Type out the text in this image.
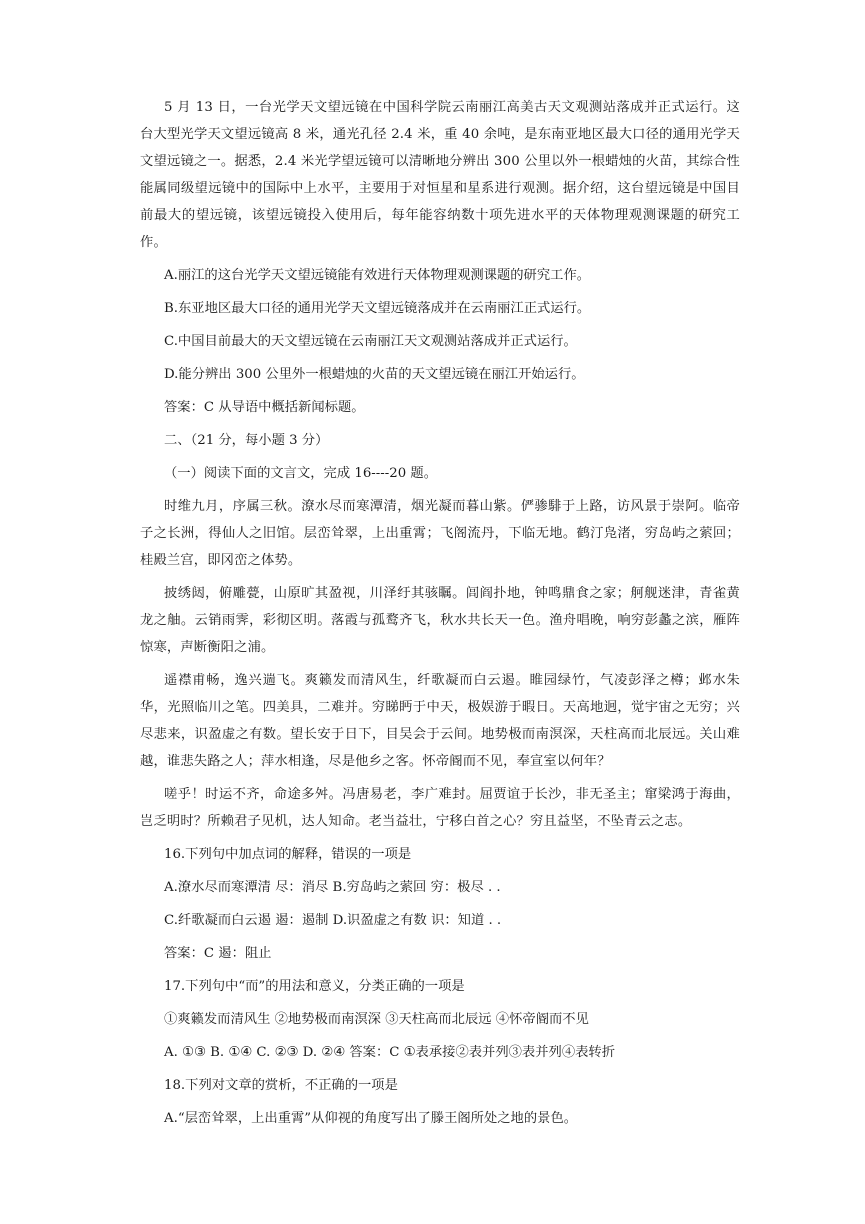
5 月 13 日，一台光学天文望远镜在中国科学院云南丽江高美古天文观测站落成并正式运行。这台大型光学天文望远镜高 8 米，通光孔径 2.4 米，重 40 余吨，是东南亚地区最大口径的通用光学天文望远镜之一。据悉，2.4 米光学望远镜可以清晰地分辨出 300 公里以外一根蜡烛的火苗，其综合性能属同级望远镜中的国际中上水平，主要用于对恒星和星系进行观测。据介绍，这台望远镜是中国目前最大的望远镜，该望远镜投入使用后，每年能容纳数十项先进水平的天体物理观测课题的研究工作。

A.丽江的这台光学天文望远镜能有效进行天体物理观测课题的研究工作。

B.东亚地区最大口径的通用光学天文望远镜落成并在云南丽江正式运行。

C.中国目前最大的天文望远镜在云南丽江天文观测站落成并正式运行。

D.能分辨出 300 公里外一根蜡烛的火苗的天文望远镜在丽江开始运行。

答案：C 从导语中概括新闻标题。

二、（21 分，每小题 3 分）

（一）阅读下面的文言文，完成 16----20 题。

时维九月，序属三秋。潦水尽而寒潭清，烟光凝而暮山紫。俨骖騑于上路，访风景于崇阿。临帝子之长洲，得仙人之旧馆。层峦耸翠，上出重霄；飞阁流丹，下临无地。鹤汀凫渚，穷岛屿之萦回；桂殿兰宫，即冈峦之体势。

披绣闼，俯雕甍，山原旷其盈视，川泽纡其骇瞩。闾阎扑地，钟鸣鼎食之家；舸舰迷津，青雀黄龙之舳。云销雨霁，彩彻区明。落霞与孤鹜齐飞，秋水共长天一色。渔舟唱晚，响穷彭蠡之滨，雁阵惊寒，声断衡阳之浦。

遥襟甫畅，逸兴遄飞。爽籁发而清风生，纤歌凝而白云遏。睢园绿竹，气凌彭泽之樽；邺水朱华，光照临川之笔。四美具，二难并。穷睇眄于中天，极娱游于暇日。天高地迥，觉宇宙之无穷；兴尽悲来，识盈虚之有数。望长安于日下，目吴会于云间。地势极而南溟深，天柱高而北辰远。关山难越，谁悲失路之人；萍水相逢，尽是他乡之客。怀帝阍而不见，奉宣室以何年？

嗟乎！时运不齐，命途多舛。冯唐易老，李广难封。屈贾谊于长沙，非无圣主；窜梁鸿于海曲，岂乏明时？所赖君子见机，达人知命。老当益壮，宁移白首之心？穷且益坚，不坠青云之志。

16.下列句中加点词的解释，错误的一项是

A.潦水尽而寒潭清 尽：消尽 B.穷岛屿之萦回 穷：极尽 . .

C.纤歌凝而白云遏 遏：遏制 D.识盈虚之有数 识：知道 . .

答案：C 遏：阻止

17.下列句中“而”的用法和意义，分类正确的一项是

①爽籁发而清风生 ②地势极而南溟深 ③天柱高而北辰远 ④怀帝阍而不见

A. ①③ B. ①④ C. ②③ D. ②④ 答案：C ①表承接②表并列③表并列④表转折

18.下列对文章的赏析，不正确的一项是

A.“层峦耸翠，上出重霄”从仰视的角度写出了滕王阁所处之地的景色。
